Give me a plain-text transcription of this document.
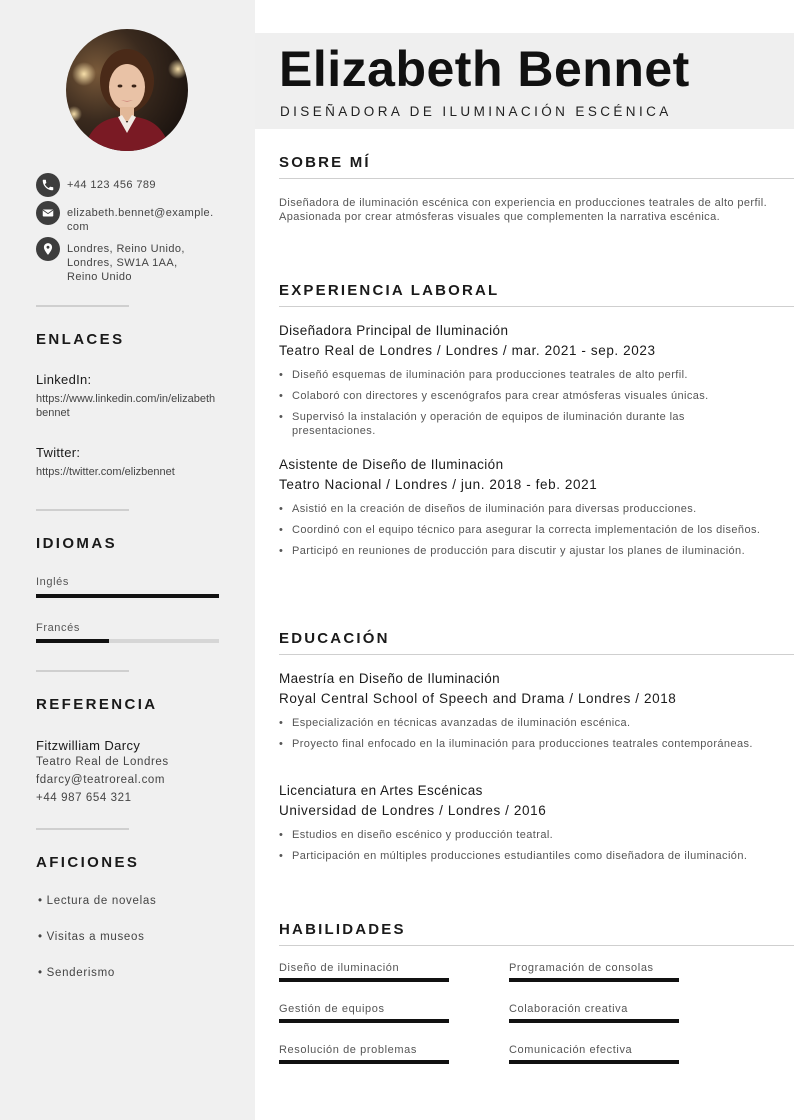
+44 123 456 789
elizabeth.bennet@example.com
Londres, Reino Unido,
Londres, SW1A 1AA,
Reino Unido
ENLACES
LinkedIn:
https://www.linkedin.com/in/elizabethbennet
Twitter:
https://twitter.com/elizbennet
IDIOMAS
Inglés
Francés
REFERENCIA
Fitzwilliam Darcy
Teatro Real de Londres
fdarcy@teatroreal.com
+44 987 654 321
AFICIONES
• Lectura de novelas
• Visitas a museos
• Senderismo
Elizabeth Bennet
DISEÑADORA DE ILUMINACIÓN ESCÉNICA
SOBRE MÍ
Diseñadora de iluminación escénica con experiencia en producciones teatrales de alto perfil. Apasionada por crear atmósferas visuales que complementen la narrativa escénica.
EXPERIENCIA LABORAL
Diseñadora Principal de Iluminación
Teatro Real de Londres / Londres / mar. 2021 - sep. 2023
• Diseñó esquemas de iluminación para producciones teatrales de alto perfil.
• Colaboró con directores y escenógrafos para crear atmósferas visuales únicas.
• Supervisó la instalación y operación de equipos de iluminación durante las presentaciones.
Asistente de Diseño de Iluminación
Teatro Nacional / Londres / jun. 2018 - feb. 2021
• Asistió en la creación de diseños de iluminación para diversas producciones.
• Coordinó con el equipo técnico para asegurar la correcta implementación de los diseños.
• Participó en reuniones de producción para discutir y ajustar los planes de iluminación.
EDUCACIÓN
Maestría en Diseño de Iluminación
Royal Central School of Speech and Drama / Londres / 2018
• Especialización en técnicas avanzadas de iluminación escénica.
• Proyecto final enfocado en la iluminación para producciones teatrales contemporáneas.
Licenciatura en Artes Escénicas
Universidad de Londres / Londres / 2016
• Estudios en diseño escénico y producción teatral.
• Participación en múltiples producciones estudiantiles como diseñadora de iluminación.
HABILIDADES
Diseño de iluminación	Programación de consolas
Gestión de equipos	Colaboración creativa
Resolución de problemas	Comunicación efectiva
